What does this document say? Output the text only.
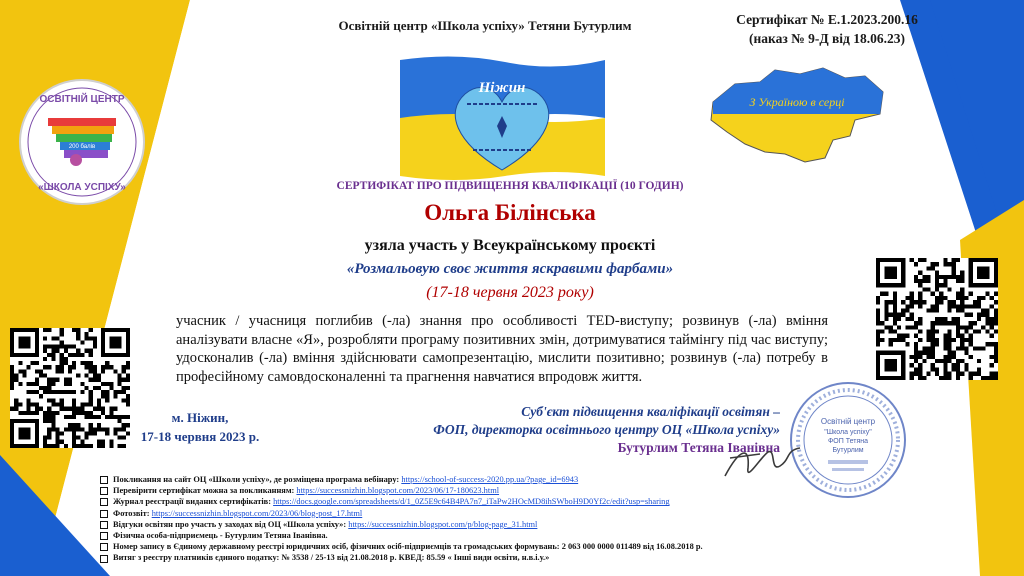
Освітній центр «Школа успіху» Тетяни Бутурлим	Сертифікат № Е.1.2023.200.16
(наказ № 9-Д від 18.06.23)
200 балів
ОСВІТНІЙ ЦЕНТР
«ШКОЛА УСПІХУ»
Ніжин
З Україною в серці
СЕРТИФІКАТ ПРО ПІДВИЩЕННЯ КВАЛІФІКАЦІЇ (10 ГОДИН)
Ольга Білінська
узяла участь у Всеукраїнському проєкті
«Розмальовую своє життя яскравими фарбами»
(17-18 червня 2023 року)
учасник / учасниця поглибив (-ла) знання про особливості TED-виступу; розвинув (-ла) вміння аналізувати власне «Я», розробляти програму позитивних змін, дотримуватися таймінгу під час виступу; удосконалив (-ла) вміння здійснювати самопрезентацію, мислити позитивно; розвинув (-ла) потребу в професійному самовдосконаленні та прагнення навчатися впродовж життя.
м. Ніжин,
17-18 червня 2023 р.
Суб'єкт підвищення кваліфікації освітян –
ФОП, директорка освітнього центру ОЦ «Школа успіху»
Бутурлим Тетяна Іванівна
Освітній центр
"Школа успіху"
ФОП Тетяна
Бутурлим
Покликання на сайт ОЦ «Школи успіху», де розміщена програма вебінару: https://school-of-success-2020.pp.ua/?page_id=6943
Перевірити сертифікат можна за покликанням: https://successnizhin.blogspot.com/2023/06/17-180623.html
Журнал реєстрації виданих сертифікатів: https://docs.google.com/spreadsheets/d/1_0Z5E9c64B4PA7n7_iTaPw2HOcMD8ihSWboH9D0Yf2c/edit?usp=sharing
Фотозвіт: https://successnizhin.blogspot.com/2023/06/blog-post_17.html
Відгуки освітян про участь у заходах від ОЦ «Школа успіху»: https://successnizhin.blogspot.com/p/blog-page_31.html
Фізична особа-підприємець - Бутурлим Тетяна Іванівна.
Номер запису в Єдиному державному реєстрі юридичних осіб, фізичних осіб-підприємців та громадських формувань: 2 063 000 0000 011489 від 16.08.2018 р.
Витяг з реєстру платників єдиного податку: № 3538 / 25-13 від 21.08.2018 р. КВЕД: 85.59 « Інші види освіти, н.в.і.у.»
